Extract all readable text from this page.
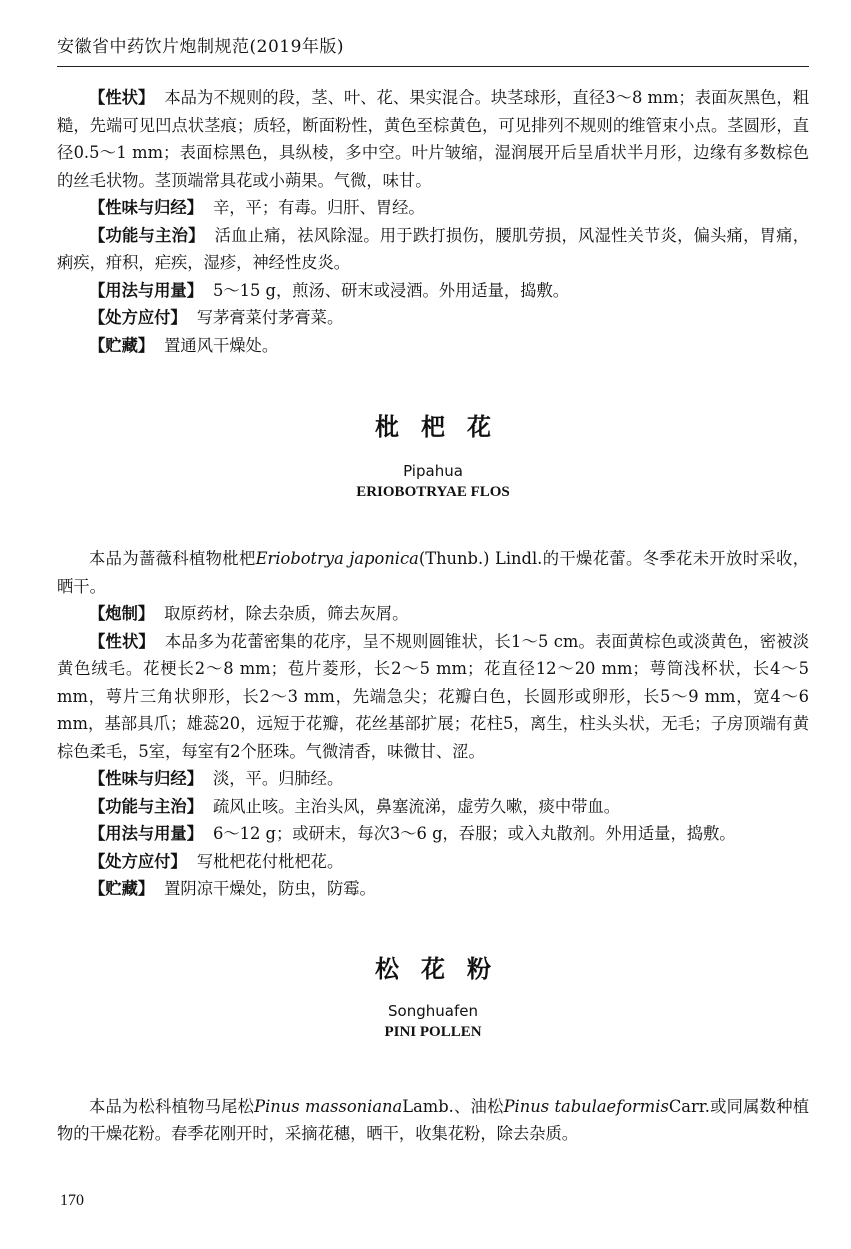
安徽省中药饮片炮制规范(2019年版)

【性状】 本品为不规则的段，茎、叶、花、果实混合。块茎球形，直径3～8 mm；表面灰黑色，粗糙，先端可见凹点状茎痕；质轻，断面粉性，黄色至棕黄色，可见排列不规则的维管束小点。茎圆形，直径0.5～1 mm；表面棕黑色，具纵棱，多中空。叶片皱缩，湿润展开后呈盾状半月形，边缘有多数棕色的丝毛状物。茎顶端常具花或小蒴果。气微，味甘。

【性味与归经】 辛，平；有毒。归肝、胃经。

【功能与主治】 活血止痛，祛风除湿。用于跌打损伤，腰肌劳损，风湿性关节炎，偏头痛，胃痛，痢疾，疳积，疟疾，湿疹，神经性皮炎。

【用法与用量】 5～15 g，煎汤、研末或浸酒。外用适量，捣敷。

【处方应付】 写茅膏菜付茅膏菜。

【贮藏】 置通风干燥处。

枇杷花

Pipahua

ERIOBOTRYAE FLOS

本品为蔷薇科植物枇杷Eriobotrya japonica(Thunb.) Lindl.的干燥花蕾。冬季花未开放时采收，晒干。

【炮制】 取原药材，除去杂质，筛去灰屑。

【性状】 本品多为花蕾密集的花序，呈不规则圆锥状，长1～5 cm。表面黄棕色或淡黄色，密被淡黄色绒毛。花梗长2～8 mm；苞片菱形，长2～5 mm；花直径12～20 mm；萼筒浅杯状，长4～5 mm，萼片三角状卵形，长2～3 mm，先端急尖；花瓣白色，长圆形或卵形，长5～9 mm，宽4～6 mm，基部具爪；雄蕊20，远短于花瓣，花丝基部扩展；花柱5，离生，柱头头状，无毛；子房顶端有黄棕色柔毛，5室，每室有2个胚珠。气微清香，味微甘、涩。

【性味与归经】 淡，平。归肺经。

【功能与主治】 疏风止咳。主治头风，鼻塞流涕，虚劳久嗽，痰中带血。

【用法与用量】 6～12 g；或研末，每次3～6 g，吞服；或入丸散剂。外用适量，捣敷。

【处方应付】 写枇杷花付枇杷花。

【贮藏】 置阴凉干燥处，防虫，防霉。

松花粉

Songhuafen

PINI POLLEN

本品为松科植物马尾松Pinus massonianaLamb.、油松Pinus tabulaeformisCarr.或同属数种植物的干燥花粉。春季花刚开时，采摘花穗，晒干，收集花粉，除去杂质。

170
